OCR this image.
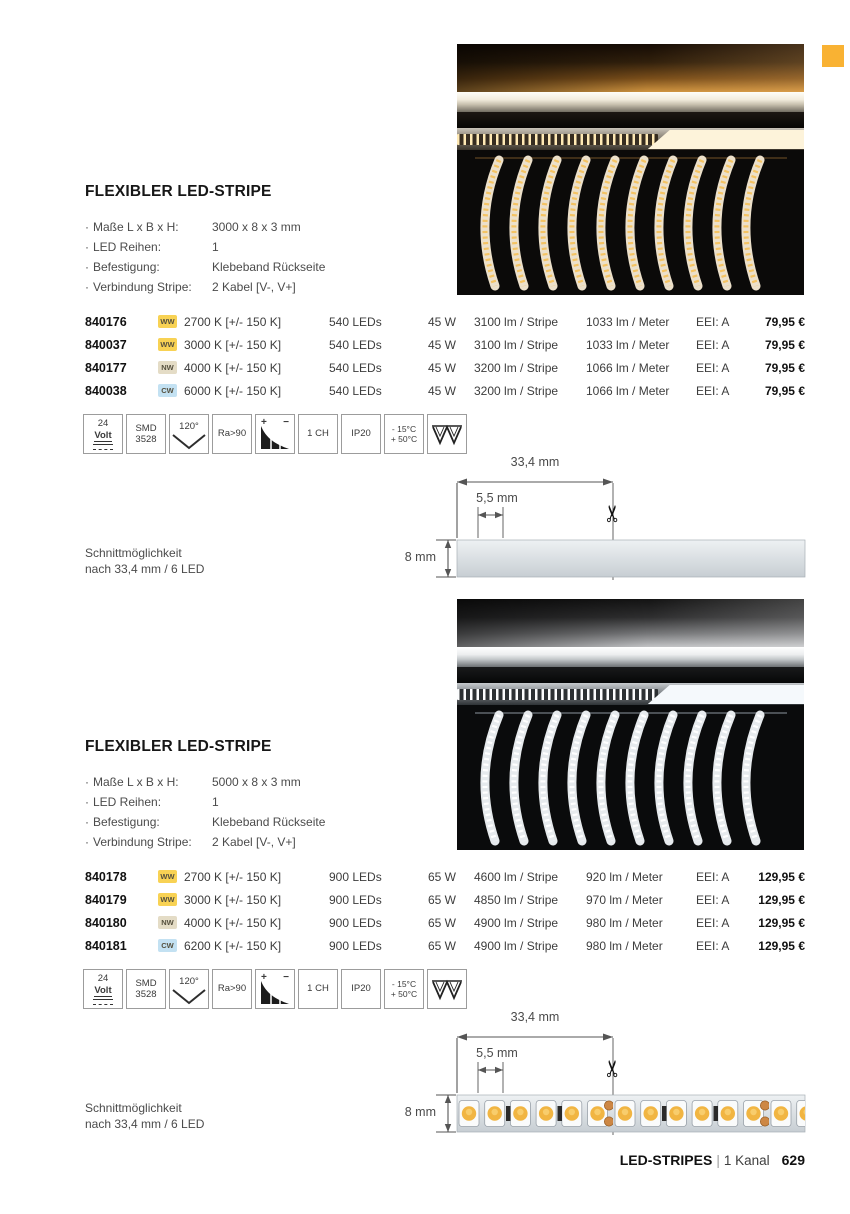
FLEXIBLER LED-STRIPE
· Maße L x B x H:	3000 x 8 x 3 mm
· LED Reihen:	1
· Befestigung:	Klebeband Rückseite
· Verbindung Stripe:	2 Kabel [V-, V+]
840176	WW 2700 K [+/- 150 K]	540 LEDs	45 W	3100 lm / Stripe	1033 lm / Meter	EEI: A	79,95 €
840037	WW 3000 K [+/- 150 K]	540 LEDs	45 W	3100 lm / Stripe	1033 lm / Meter	EEI: A	79,95 €
840177	NW 4000 K [+/- 150 K]	540 LEDs	45 W	3200 lm / Stripe	1066 lm / Meter	EEI: A	79,95 €
840038	CW 6000 K [+/- 150 K]	540 LEDs	45 W	3200 lm / Stripe	1066 lm / Meter	EEI: A	79,95 €
24
Volt
SMD
3528
120°
Ra>90
+ −
1 CH IP20 - 15°C
+ 50°C
33,4 mm
5,5 mm
8 mm
✂
Schnittmöglichkeit
nach 33,4 mm / 6 LED
FLEXIBLER LED-STRIPE
· Maße L x B x H:	5000 x 8 x 3 mm
· LED Reihen:	1
· Befestigung:	Klebeband Rückseite
· Verbindung Stripe:	2 Kabel [V-, V+]
840178	WW 2700 K [+/- 150 K]	900 LEDs	65 W	4600 lm / Stripe	920 lm / Meter	EEI: A	129,95 €
840179	WW 3000 K [+/- 150 K]	900 LEDs	65 W	4850 lm / Stripe	970 lm / Meter	EEI: A	129,95 €
840180	NW 4000 K [+/- 150 K]	900 LEDs	65 W	4900 lm / Stripe	980 lm / Meter	EEI: A	129,95 €
840181	CW 6200 K [+/- 150 K]	900 LEDs	65 W	4900 lm / Stripe	980 lm / Meter	EEI: A	129,95 €
24
Volt
SMD
3528
120°
Ra>90
+ −
1 CH IP20 - 15°C
+ 50°C
33,4 mm
5,5 mm
8 mm
✂
Schnittmöglichkeit
nach 33,4 mm / 6 LED
LED-STRIPES | 1 Kanal 629
